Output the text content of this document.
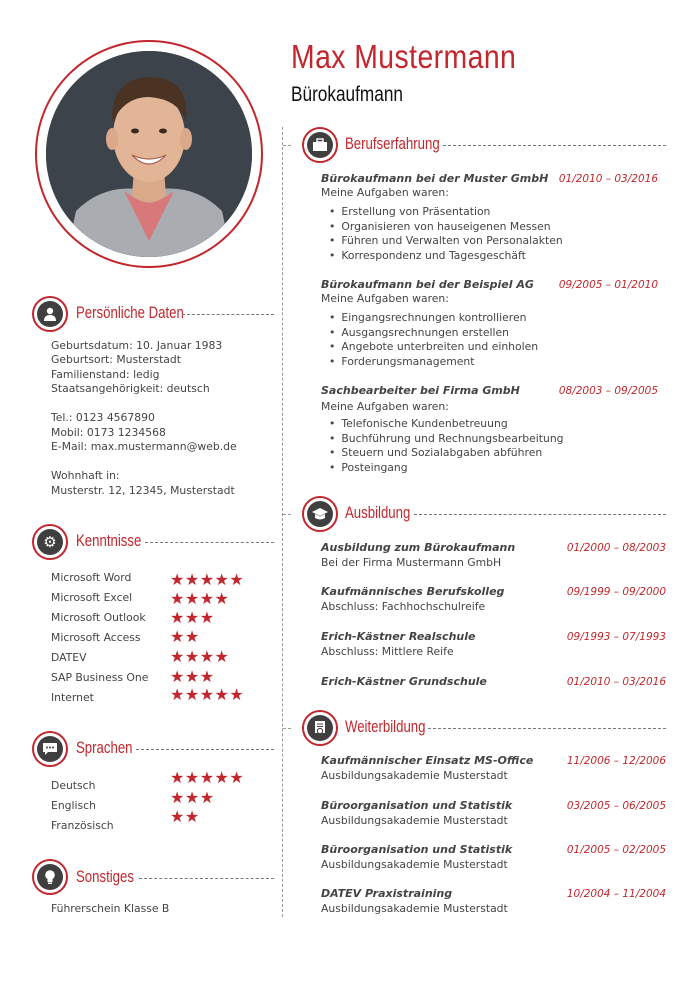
Max Mustermann
Bürokaufmann
Persönliche Daten
Geburtsdatum: 10. Januar 1983
Geburtsort: Musterstadt
Familienstand: ledig
Staatsangehörigkeit: deutsch
Tel.: 0123 4567890
Mobil: 0173 1234568
E-Mail: max.mustermann@web.de
Wohnhaft in:
Musterstr. 12, 12345, Musterstadt
⚙	Kenntnisse
Microsoft Word ★★★★★
Microsoft Excel ★★★★
Microsoft Outlook ★★★
Microsoft Access ★★
DATEV	★★★★
SAP Business One ★★★
Internet	★★★★★
Sprachen
Deutsch	★★★★★
Englisch	★★★
Französisch	★★
Sonstiges
Führerschein Klasse B
Berufserfahrung
Bürokaufmann bei der Muster GmbH 01/2010 – 03/2016
Meine Aufgaben waren:
• Erstellung von Präsentation
• Organisieren von hauseigenen Messen
• Führen und Verwalten von Personalakten
• Korrespondenz und Tagesgeschäft
Bürokaufmann bei der Beispiel AG 09/2005 – 01/2010
Meine Aufgaben waren:
• Eingangsrechnungen kontrollieren
• Ausgangsrechnungen erstellen
• Angebote unterbreiten und einholen
• Forderungsmanagement
Sachbearbeiter bei Firma GmbH	08/2003 – 09/2005
Meine Aufgaben waren:
• Telefonische Kundenbetreuung
• Buchführung und Rechnungsbearbeitung
• Steuern und Sozialabgaben abführen
• Posteingang
Ausbildung
Ausbildung zum Bürokaufmann	01/2000 – 08/2003
Bei der Firma Mustermann GmbH
Kaufmännisches Berufskolleg	09/1999 – 09/2000
Abschluss: Fachhochschulreife
Erich-Kästner Realschule	09/1993 – 07/1993
Abschluss: Mittlere Reife
Erich-Kästner Grundschule	01/2010 – 03/2016
Weiterbildung
Kaufmännischer Einsatz MS-Office	11/2006 – 12/2006
Ausbildungsakademie Musterstadt
Büroorganisation und Statistik	03/2005 – 06/2005
Ausbildungsakademie Musterstadt
Büroorganisation und Statistik	01/2005 – 02/2005
Ausbildungsakademie Musterstadt
DATEV Praxistraining	10/2004 – 11/2004
Ausbildungsakademie Musterstadt
